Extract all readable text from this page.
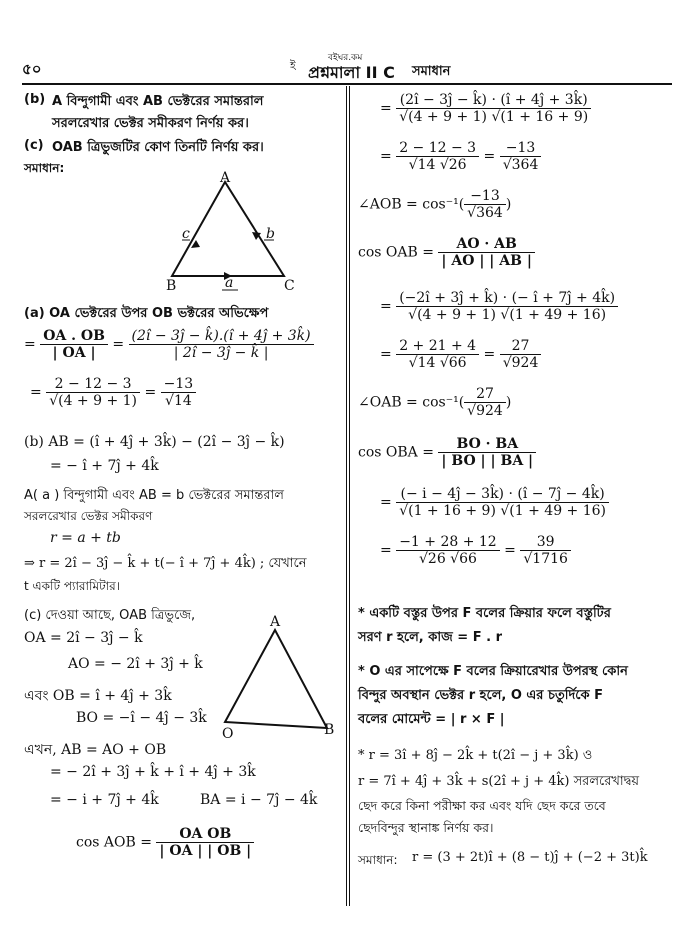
৫০
বইঘর.কম
ই প্রশ্নমালা II C সমাধান
(b) A বিন্দুগামী এবং AB ভেক্টরের সমান্তরাল
সরলরেখার ভেক্টর সমীকরণ নির্ণয় কর।
(c) OAB ত্রিভুজটির কোণ তিনটি নির্ণয় কর।
সমাধান:
A
B	C
c	b
a
(a) OA ভেক্টরের উপর OB ভক্টরের অভিক্ষেপ
= $\frac{OA . OB}{| OA |} = \frac{(2î - 3ĵ - k̂).(î + 4ĵ + 3k̂)}{| 2î - 3ĵ - k̂ |}$
= $\frac{2 - 12 - 3}{√(4 + 9 + 1)} = \frac{-13}{√14}$
(b) AB = (î + 4ĵ + 3k̂) − (2î − 3ĵ − k̂)
= − î + 7ĵ + 4k̂
A( a ) বিন্দুগামী এবং AB = b ভেক্টরের সমান্তরাল
সরলরেখার ভেক্টর সমীকরণ
r = a + tb
⇒ r = 2î − 3ĵ − k̂ + t(− î + 7ĵ + 4k̂) ; যেখানে
t একটি প্যারামিটার।
(c) দেওয়া আছে, OAB ত্রিভুজে,
OA = 2î − 3ĵ − k̂
AO = − 2î + 3ĵ + k̂
এবং OB = î + 4ĵ + 3k̂
BO = −î − 4ĵ − 3k̂
এখন, AB = AO + OB
= − 2î + 3ĵ + k̂ + î + 4ĵ + 3k̂
= − i + 7ĵ + 4k̂	BA = i − 7ĵ − 4k̂
cos AOB = $\frac{\text{OA OB}}{| OA | | OB |}$
A
O	B
= $\frac{(2î - 3ĵ - k̂) \cdot (î + 4ĵ + 3k̂)}{√(4 + 9 + 1) √(1 + 16 + 9)}$
= $\frac{2 - 12 - 3}{√14 √26} = \frac{-13}{√364}$
∠AOB = $\cos^{-1}( \frac{-13}{√364}$ )
cos OAB = $\frac{AO \cdot AB}{| AO | | AB |}$
= $\frac{(-2î + 3ĵ + k̂) \cdot (- î + 7ĵ + 4k̂)}{√(4 + 9 + 1) √(1 + 49 + 16)}$
= $\frac{2 + 21 + 4}{√14 √66} = \frac{27}{√924}$
∠OAB = $\cos^{-1}( \frac{27}{√924}$ )
cos OBA = $\frac{BO \cdot BA}{| BO | | BA |}$
= $\frac{(- i - 4ĵ - 3k̂) \cdot (î - 7ĵ - 4k̂)}{√(1 + 16 + 9) √(1 + 49 + 16)}$
= $\frac{-1 + 28 + 12}{√26 √66} = \frac{39}{√1716}$
* একটি বস্তুর উপর F বলের ক্রিয়ার ফলে বস্তুটির
সরণ r হলে, কাজ = F . r
* O এর সাপেক্ষে F বলের ক্রিয়ারেখার উপরস্থ কোন
বিন্দুর অবস্থান ভেক্টর r হলে, O এর চতুর্দিকে F
বলের মোমেন্ট = | r × F |
* r = 3î + 8ĵ − 2k̂ + t(2î − j + 3k̂) ও
r = 7î + 4ĵ + 3k̂ + s(2î + j + 4k̂) সরলরেখাদ্বয়
ছেদ করে কিনা পরীক্ষা কর এবং যদি ছেদ করে তবে
ছেদবিন্দুর স্থানাঙ্ক নির্ণয় কর।
সমাধান: r = (3 + 2t)î + (8 − t)ĵ + (−2 + 3t)k̂
